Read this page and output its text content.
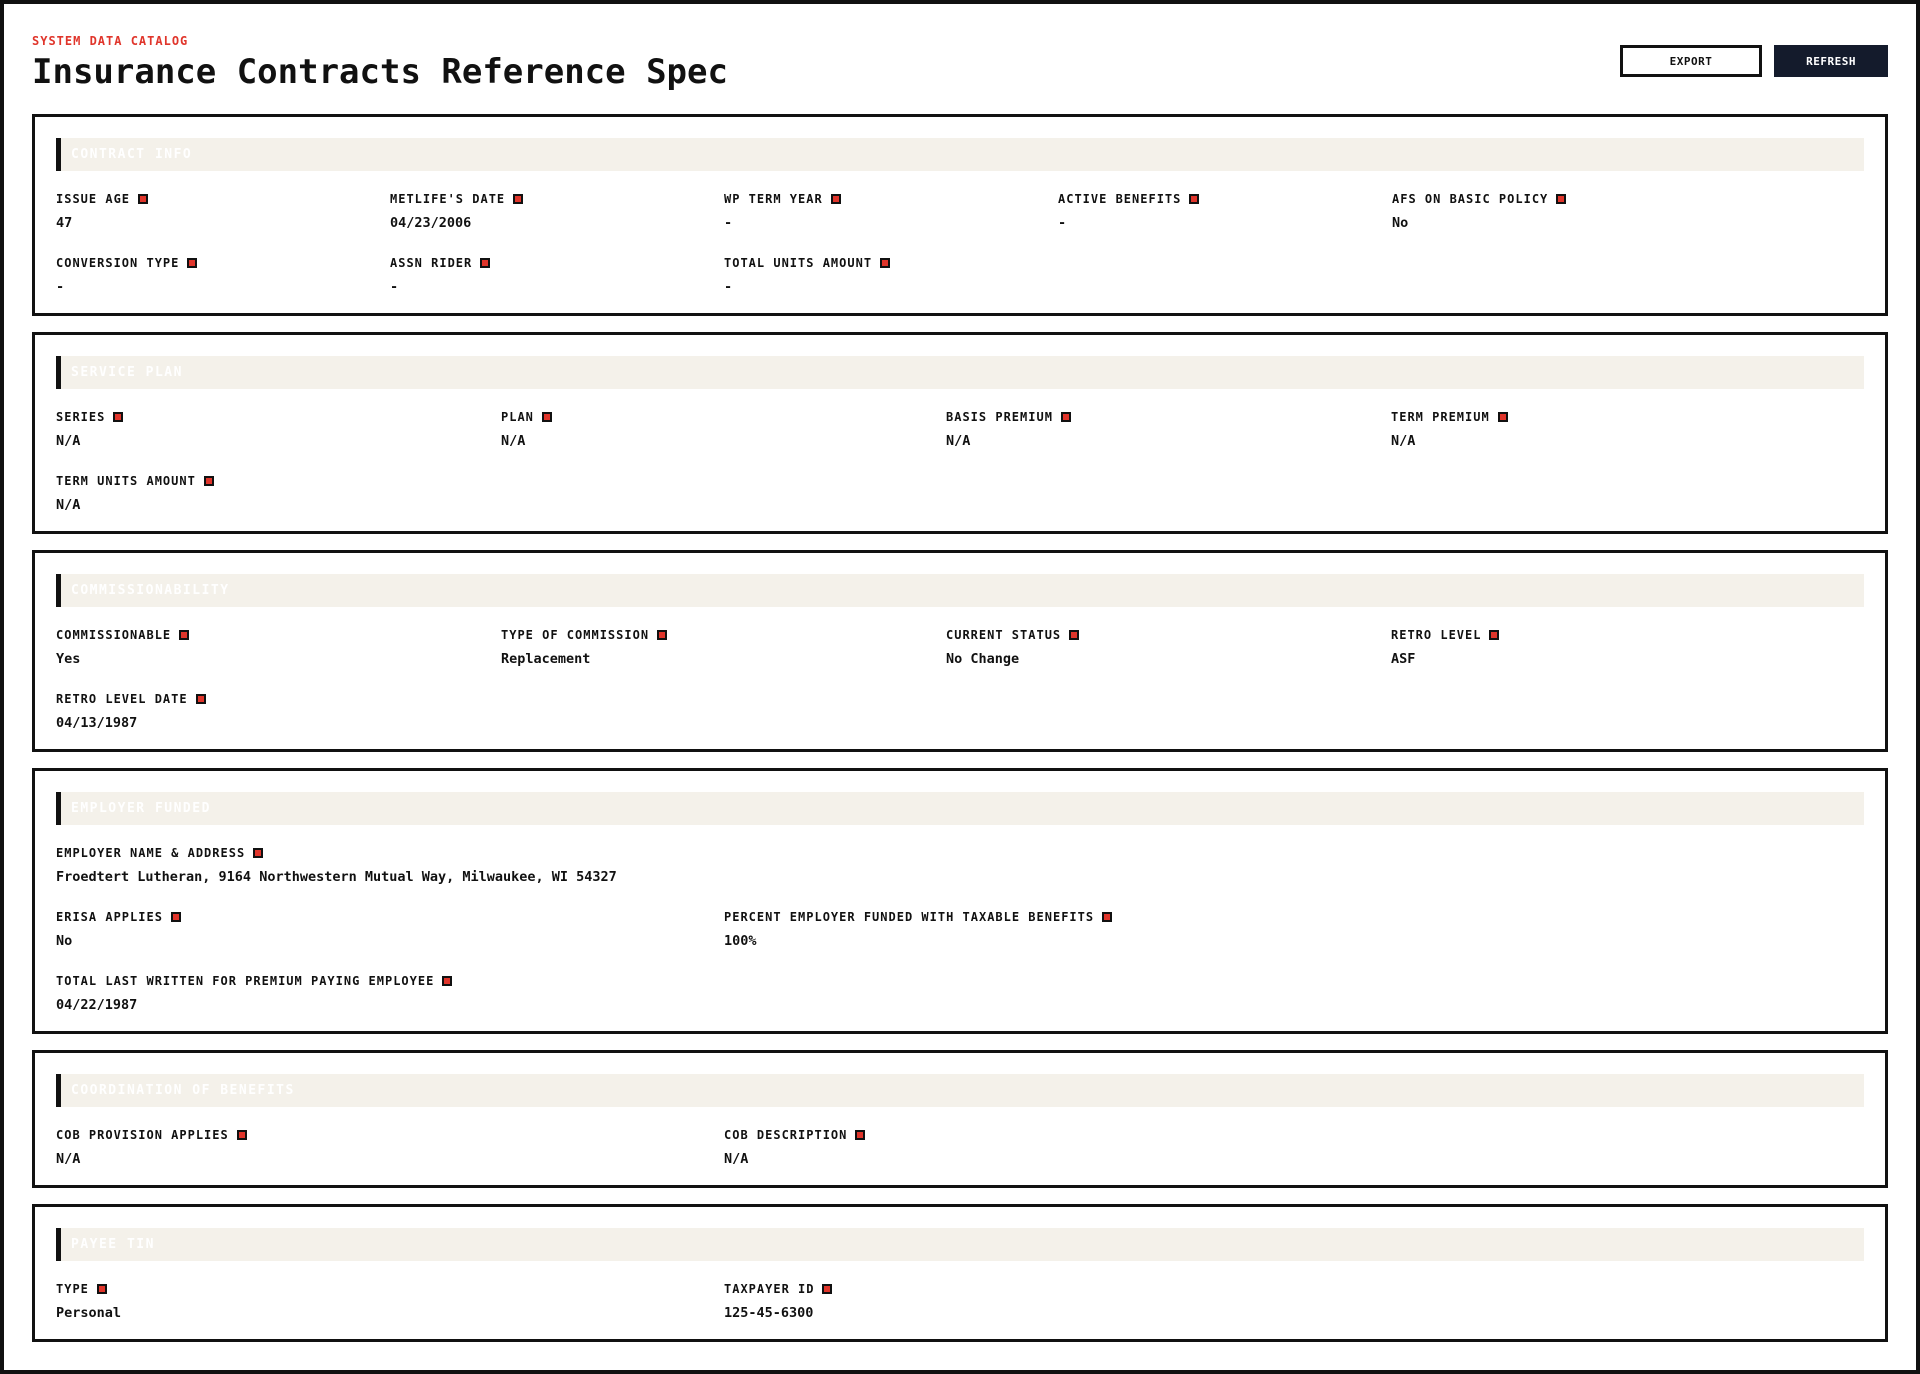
SYSTEM DATA CATALOG
Insurance Contracts Reference Spec	EXPORT	REFRESH
CONTRACT INFO
ISSUE AGE
47
METLIFE'S DATE
04/23/2006
WP TERM YEAR
-
ACTIVE BENEFITS
-
AFS ON BASIC POLICY
No
CONVERSION TYPE
-
ASSN RIDER
-
TOTAL UNITS AMOUNT
-
SERVICE PLAN
SERIES
N/A
PLAN
N/A
BASIS PREMIUM
N/A
TERM PREMIUM
N/A
TERM UNITS AMOUNT
N/A
COMMISSIONABILITY
COMMISSIONABLE
Yes
TYPE OF COMMISSION
Replacement
CURRENT STATUS
No Change
RETRO LEVEL
ASF
RETRO LEVEL DATE
04/13/1987
EMPLOYER FUNDED
EMPLOYER NAME & ADDRESS
Froedtert Lutheran, 9164 Northwestern Mutual Way, Milwaukee, WI 54327
ERISA APPLIES
No
PERCENT EMPLOYER FUNDED WITH TAXABLE BENEFITS
100%
TOTAL LAST WRITTEN FOR PREMIUM PAYING EMPLOYEE
04/22/1987
COORDINATION OF BENEFITS
COB PROVISION APPLIES
N/A
COB DESCRIPTION
N/A
PAYEE TIN
TYPE
Personal
TAXPAYER ID
125-45-6300
